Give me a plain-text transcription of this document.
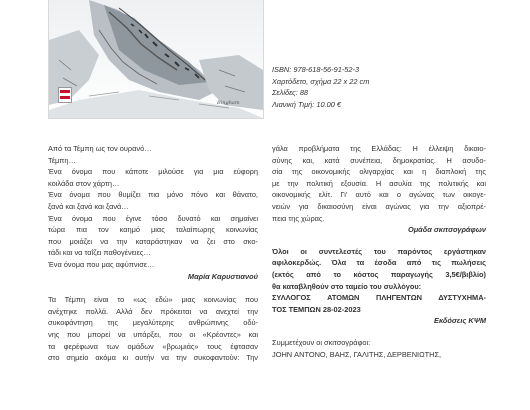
Bingham
ISBN: 978-618-56-91-52-3
Χαρτόδετο, σχήμα 22 x 22 cm
Σελίδες: 88
Λιανική Τιμή: 10.00 €
Από τα Τέμπη ως τον ουρανό…
Τέμπη…
Ένα όνομα που κάποτε μιλούσε για μια εύφορη
κοιλάδα στον χάρτη…
Ένα όνομα που θυμίζει πια μόνο πόνο και θάνατο,
ξανά και ξανά και ξανά…
Ένα όνομα που έγινε τόσο δυνατό και σημαίνει
τώρα πια τον καημό μιας ταλαίπωρης κοινωνίας
που μοιάζει να την καταράστηκαν να ζει στο σκο-
τάδι και να ταΐζει παθογένειες…
Ένα όνομα που μας αφύπνισε…
Μαρία Καρυστιανού
Τα Τέμπη είναι το «ως εδώ» μιας κοινωνίας που
ανέχτηκε πολλά. Αλλά δεν πρόκειται να ανεχτεί την
συκοφάντηση της μεγαλύτερης ανθρώπινης οδύ-
νης που μπορεί να υπάρξει, που οι «Κρέοντες» και
τα φερέφωνα των ομάδων «βρωμιάς» τους έφτασαν
στο σημείο ακόμα κι αυτήν να την συκοφαντούν: Την
γάλα προβλήματα της Ελλάδας: Η έλλειψη δικαιο-
σύνης και, κατά συνέπεια, δημοκρατίας. Η ασυδο-
σία της οικονομικής ολιγαρχίας και η διαπλοκή της
με την πολιτική εξουσία. Η ασυλία της πολιτικής και
οικονομικής ελίτ. Γι' αυτό και ο αγώνας των οικογε-
νειών για δικαιοσύνη είναι αγώνας για την αξιοπρέ-
πεια της χώρας.
Ομάδα σκιτσογράφων
Όλοι οι συντελεστές του παρόντος εργάστηκαν
αφιλοκερδώς. Όλα τα έσοδα από τις πωλήσεις
(εκτός από το κόστος παραγωγής 3,5€/βιβλίο)
θα καταβληθούν στο ταμείο του συλλόγου:
ΣΥΛΛΟΓΟΣ ΑΤΟΜΩΝ ΠΛΗΓΕΝΤΩΝ ΔΥΣΤΥΧΗΜΑ-
ΤΟΣ ΤΕΜΠΩΝ 28-02-2023
Εκδόσεις ΚΨΜ
Συμμετέχουν οι σκιτσογράφοι:
JOHN ΑΝΤΟΝΟ, ΒΑΗΣ, ΓΑΛΙΤΗΣ, ΔΕΡΒΕΝΙΩΤΗΣ,
